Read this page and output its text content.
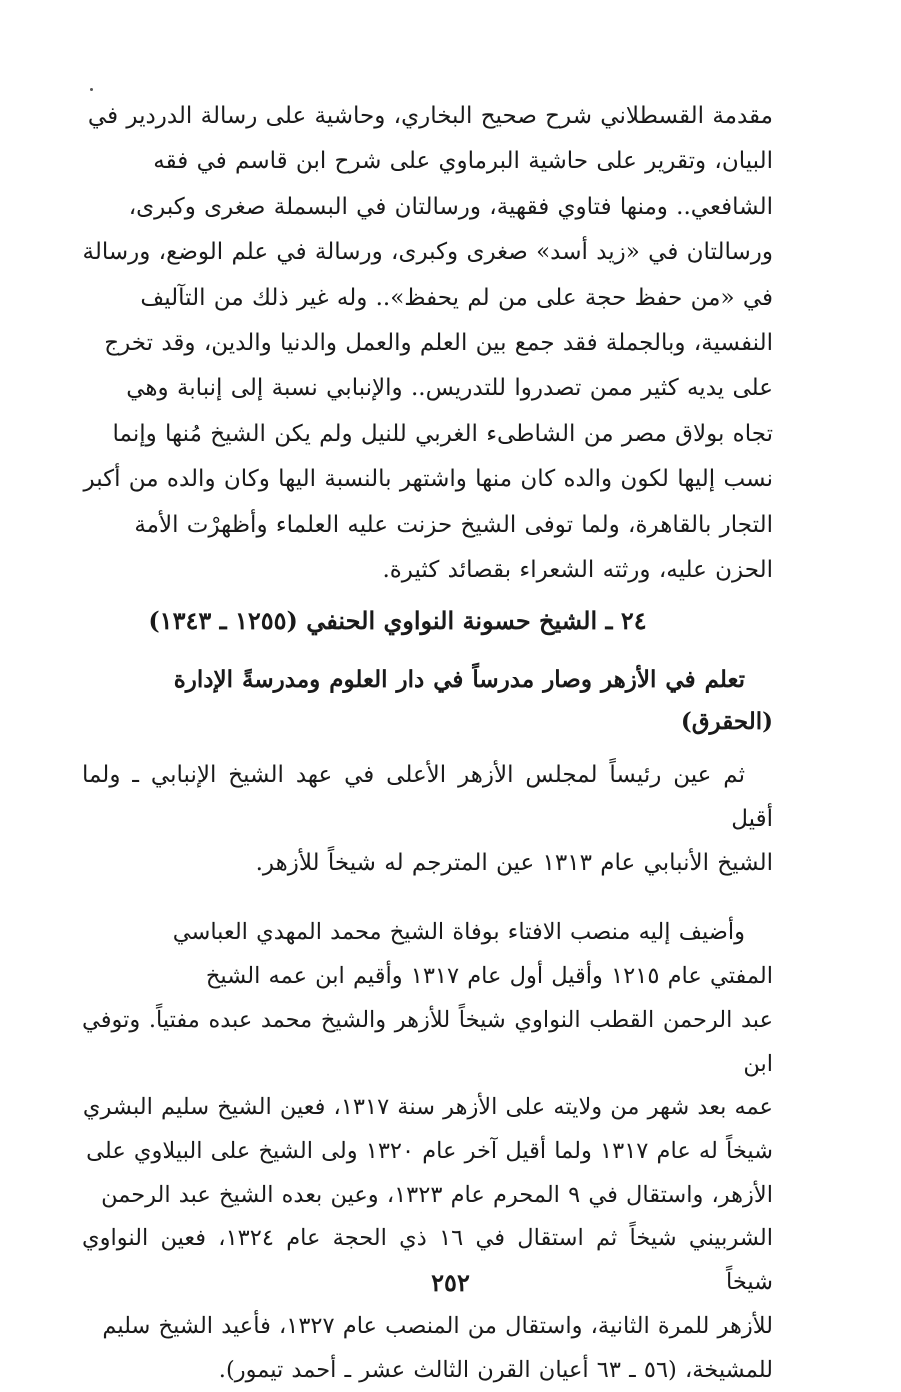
مقدمة القسطلاني شرح صحيح البخاري، وحاشية على رسالة الدردير في

البيان، وتقرير على حاشية البرماوي على شرح ابن قاسم في فقه

الشافعي.. ومنها فتاوي فقهية، ورسالتان في البسملة صغرى وكبرى،

ورسالتان في «زيد أسد» صغرى وكبرى، ورسالة في علم الوضع، ورسالة

في «من حفظ حجة على من لم يحفظ».. وله غير ذلك من التآليف

النفسية، وبالجملة فقد جمع بين العلم والعمل والدنيا والدين، وقد تخرج

على يديه كثير ممن تصدروا للتدريس.. والإنبابي نسبة إلى إنبابة وهي

تجاه بولاق مصر من الشاطىء الغربي للنيل ولم يكن الشيخ مُنها وإنما

نسب إليها لكون والده كان منها واشتهر بالنسبة اليها وكان والده من أكبر

التجار بالقاهرة، ولما توفى الشيخ حزنت عليه العلماء وأظهرْت الأمة

الحزن عليه، ورثته الشعراء بقصائد كثيرة.

٢٤ ـ الشيخ حسونة النواوي الحنفي (١٢٥٥ ـ ١٣٤٣)

تعلم في الأزهر وصار مدرساً في دار العلوم ومدرسةً الإدارة

(الحقرق)

ثم عين رئيساً لمجلس الأزهر الأعلى في عهد الشيخ الإنبابي ـ ولما أقيل

الشيخ الأنبابي عام ١٣١٣ عين المترجم له شيخاً للأزهر.

وأضيف إليه منصب الافتاء بوفاة الشيخ محمد المهدي العباسي

المفتي عام ١٢١٥ وأقيل أول عام ١٣١٧ وأقيم ابن عمه الشيخ

عبد الرحمن القطب النواوي شيخاً للأزهر والشيخ محمد عبده مفتياً. وتوفي ابن

عمه بعد شهر من ولايته على الأزهر سنة ١٣١٧، فعين الشيخ سليم البشري

شيخاً له عام ١٣١٧ ولما أقيل آخر عام ١٣٢٠ ولى الشيخ على البيلاوي على

الأزهر، واستقال في ٩ المحرم عام ١٣٢٣، وعين بعده الشيخ عبد الرحمن

الشربيني شيخاً ثم استقال في ١٦ ذي الحجة عام ١٣٢٤، فعين النواوي شيخاً

للأزهر للمرة الثانية، واستقال من المنصب عام ١٣٢٧، فأعيد الشيخ سليم

للمشيخة، (٥٦ ـ ٦٣ أعيان القرن الثالث عشر ـ أحمد تيمور).

٢٥٢
